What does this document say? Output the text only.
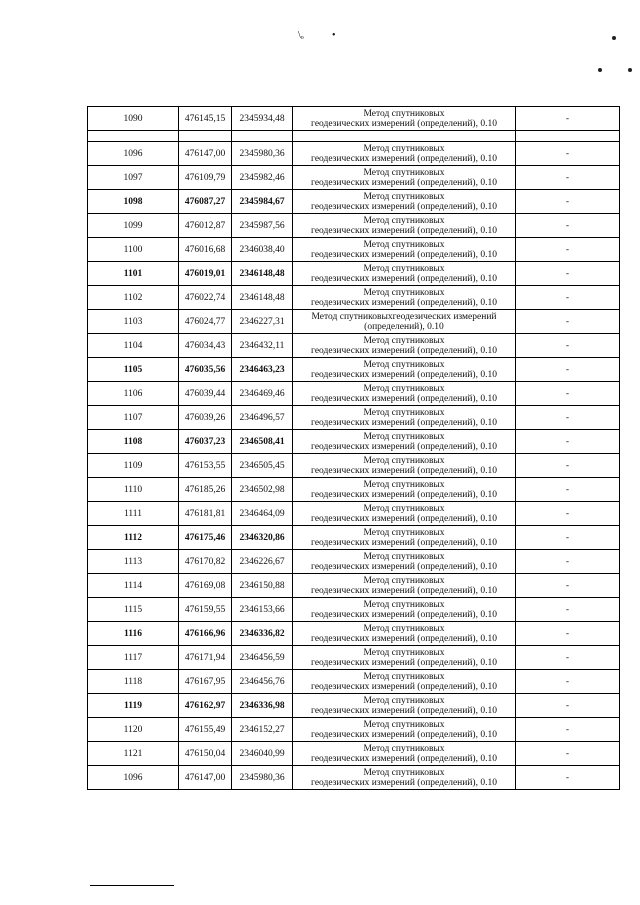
\ₒ	•
1090	476145,15	2345934,48	Метод спутниковых
геодезических измерений (определений), 0.10	-

1096	476147,00	2345980,36	Метод спутниковых
геодезических измерений (определений), 0.10	-
1097	476109,79	2345982,46	Метод спутниковых
геодезических измерений (определений), 0.10	-
1098	476087,27	2345984,67	Метод спутниковых
геодезических измерений (определений), 0.10	-
1099	476012,87	2345987,56	Метод спутниковых
геодезических измерений (определений), 0.10	-
1100	476016,68	2346038,40	Метод спутниковых
геодезических измерений (определений), 0.10	-
1101	476019,01	2346148,48	Метод спутниковых
геодезических измерений (определений), 0.10	-
1102	476022,74	2346148,48	Метод спутниковых
геодезических измерений (определений), 0.10	-
1103	476024,77	2346227,31	Метод спутниковыхгеодезических измерений
(определений), 0.10	-
1104	476034,43	2346432,11	Метод спутниковых
геодезических измерений (определений), 0.10	-
1105	476035,56	2346463,23	Метод спутниковых
геодезических измерений (определений), 0.10	-
1106	476039,44	2346469,46	Метод спутниковых
геодезических измерений (определений), 0.10	-
1107	476039,26	2346496,57	Метод спутниковых
геодезических измерений (определений), 0.10	-
1108	476037,23	2346508,41	Метод спутниковых
геодезических измерений (определений), 0.10	-
1109	476153,55	2346505,45	Метод спутниковых
геодезических измерений (определений), 0.10	-
1110	476185,26	2346502,98	Метод спутниковых
геодезических измерений (определений), 0.10	-
1111	476181,81	2346464,09	Метод спутниковых
геодезических измерений (определений), 0.10	-
1112	476175,46	2346320,86	Метод спутниковых
геодезических измерений (определений), 0.10	-
1113	476170,82	2346226,67	Метод спутниковых
геодезических измерений (определений), 0.10	-
1114	476169,08	2346150,88	Метод спутниковых
геодезических измерений (определений), 0.10	-
1115	476159,55	2346153,66	Метод спутниковых
геодезических измерений (определений), 0.10	-
1116	476166,96	2346336,82	Метод спутниковых
геодезических измерений (определений), 0.10	-
1117	476171,94	2346456,59	Метод спутниковых
геодезических измерений (определений), 0.10	-
1118	476167,95	2346456,76	Метод спутниковых
геодезических измерений (определений), 0.10	-
1119	476162,97	2346336,98	Метод спутниковых
геодезических измерений (определений), 0.10	-
1120	476155,49	2346152,27	Метод спутниковых
геодезических измерений (определений), 0.10	-
1121	476150,04	2346040,99	Метод спутниковых
геодезических измерений (определений), 0.10	-
1096	476147,00	2345980,36	Метод спутниковых
геодезических измерений (определений), 0.10	-
